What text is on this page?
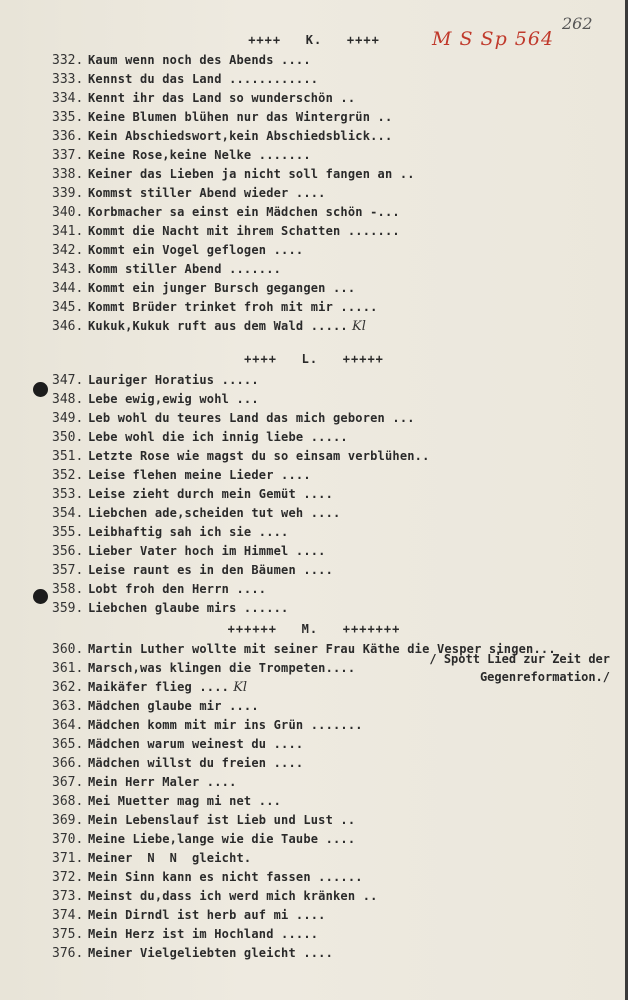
M S Sp 564
262
++++   K.   ++++
++++   L.   +++++
++++++   M.   +++++++
332. Kaum wenn noch des Abends ....
333. Kennst du das Land ............
334. Kennt ihr das Land so wunderschön ..
335. Keine Blumen blühen nur das Wintergrün ..
336. Kein Abschiedswort,kein Abschiedsblick...
337. Keine Rose,keine Nelke .......
338. Keiner das Lieben ja nicht soll fangen an ..
339. Kommst stiller Abend wieder ....
340. Korbmacher sa einst ein Mädchen schön -...
341. Kommt die Nacht mit ihrem Schatten .......
342. Kommt ein Vogel geflogen ....
343. Komm stiller Abend .......
344. Kommt ein junger Bursch gegangen ...
345. Kommt Brüder trinket froh mit mir .....
346. Kukuk,Kukuk ruft aus dem Wald ..... Kl
347. Lauriger Horatius .....
348. Lebe ewig,ewig wohl ...
349. Leb wohl du teures Land das mich geboren ...
350. Lebe wohl die ich innig liebe .....
351. Letzte Rose wie magst du so einsam verblühen..
352. Leise flehen meine Lieder ....
353. Leise zieht durch mein Gemüt ....
354. Liebchen ade,scheiden tut weh ....
355. Leibhaftig sah ich sie ....
356. Lieber Vater hoch im Himmel ....
357. Leise raunt es in den Bäumen ....
358. Lobt froh den Herrn ....
359. Liebchen glaube mirs ......
360. Martin Luther wollte mit seiner Frau Käthe die Vesper singen...
361. Marsch,was klingen die Trompeten....
362. Maikäfer flieg .... Kl
363. Mädchen glaube mir ....
364. Mädchen komm mit mir ins Grün .......
365. Mädchen warum weinest du ....
366. Mädchen willst du freien ....
367. Mein Herr Maler ....
368. Mei Muetter mag mi net ...
369. Mein Lebenslauf ist Lieb und Lust ..
370. Meine Liebe,lange wie die Taube ....
371. Meiner  N  N  gleicht.
372. Mein Sinn kann es nicht fassen ......
373. Meinst du,dass ich werd mich kränken ..
374. Mein Dirndl ist herb auf mi ....
375. Mein Herz ist im Hochland .....
376. Meiner Vielgeliebten gleicht ....
/ Spott Lied zur Zeit der
Gegenreformation./
